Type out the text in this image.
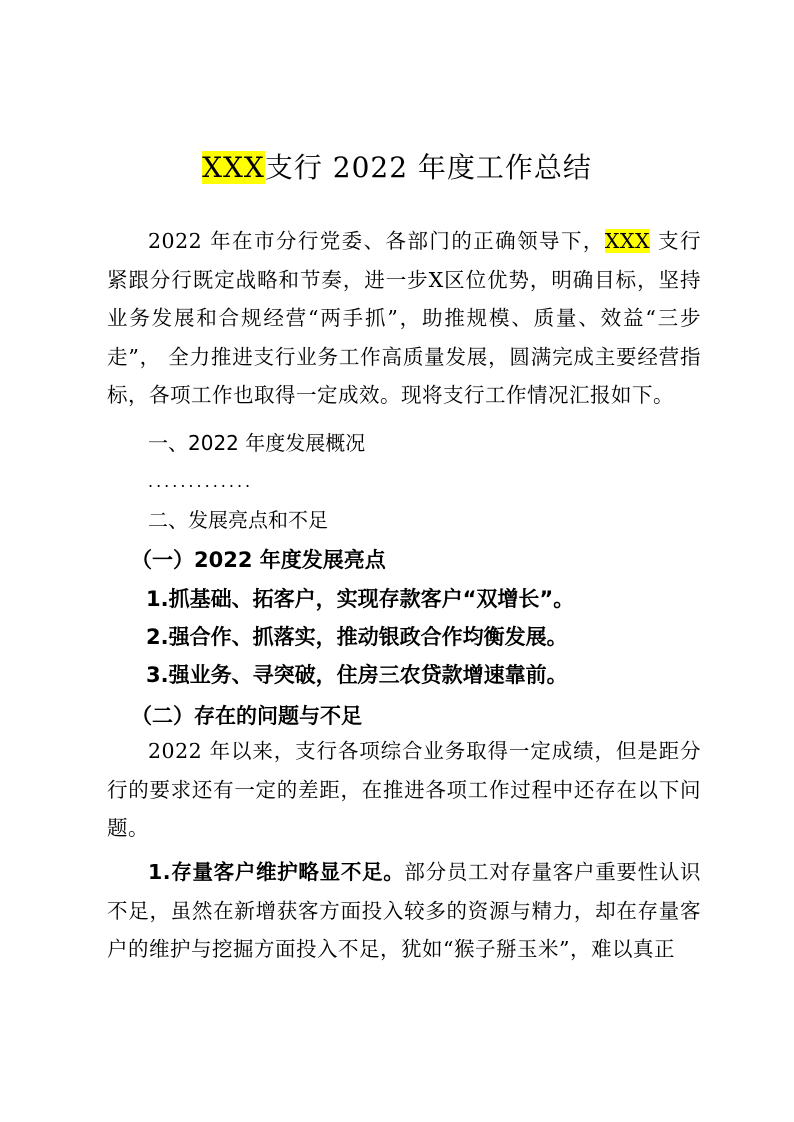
XXX支行 2022 年度工作总结

2022 年在市分行党委、各部门的正确领导下，XXX 支行紧跟分行既定战略和节奏，进一步X区位优势，明确目标，坚持业务发展和合规经营“两手抓”，助推规模、质量、效益“三步走”， 全力推进支行业务工作高质量发展，圆满完成主要经营指标，各项工作也取得一定成效。现将支行工作情况汇报如下。

一、2022 年度发展概况
.............
二、发展亮点和不足
（一）2022 年度发展亮点
1.抓基础、拓客户，实现存款客户“双增长”。
2.强合作、抓落实，推动银政合作均衡发展。
3.强业务、寻突破，住房三农贷款增速靠前。
（二）存在的问题与不足

2022 年以来，支行各项综合业务取得一定成绩，但是距分行的要求还有一定的差距，在推进各项工作过程中还存在以下问题。

1.存量客户维护略显不足。部分员工对存量客户重要性认识不足，虽然在新增获客方面投入较多的资源与精力，却在存量客户的维护与挖掘方面投入不足，犹如“猴子掰玉米”，难以真正
